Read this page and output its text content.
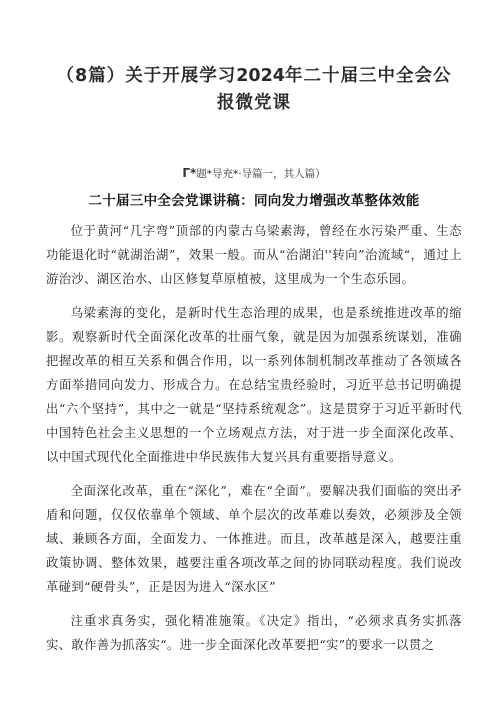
（8篇）关于开展学习2024年二十届三中全会公报微党课
Γ*题*导充*·导篇一，其人篇）
二十届三中全会党课讲稿：同向发力增强改革整体效能

位于黄河“几字弯”顶部的内蒙古乌梁素海，曾经在水污染严重、生态功能退化时“就湖治湖”，效果一般。而从“治湖泊''转向”治流域“，通过上游治沙、湖区治水、山区修复草原植被，这里成为一个生态乐园。

乌梁素海的变化，是新时代生态治理的成果，也是系统推进改革的缩影。观察新时代全面深化改革的壮丽气象，就是因为加强系统谋划，准确把握改革的相互关系和偶合作用，以一系列体制机制改革推动了各领域各方面举措同向发力、形成合力。在总结宝贵经验时，习近平总书记明确提出“六个坚持”，其中之一就是“坚持系统观念”。这是贯穿于习近平新时代中国特色社会主义思想的一个立场观点方法，对于进一步全面深化改革、以中国式现代化全面推进中华民族伟大复兴具有重要指导意义。

全面深化改革，重在“深化”，难在“全面”。要解决我们面临的突出矛盾和问题，仅仅依靠单个领域、单个层次的改革难以奏效，必须涉及全领域、兼顾各方面，全面发力、一体推进。而且，改革越是深入，越要注重政策协调、整体效果，越要注重各项改革之间的协同联动程度。我们说改革碰到“硬骨头”，正是因为进入“深水区”

注重求真务实，强化精准施策。《决定》指出，“必须求真务实抓落实、敢作善为抓落实“。进一步全面深化改革要把“实”的要求一以贯之
